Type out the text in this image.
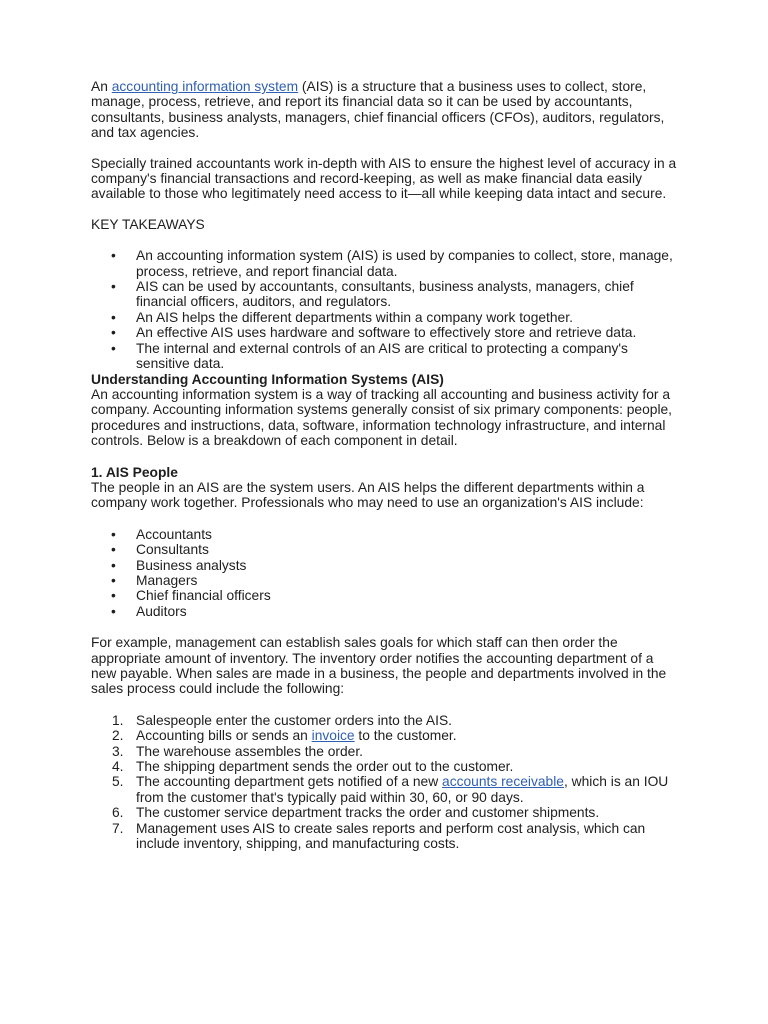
An accounting information system (AIS) is a structure that a business uses to collect, store, manage, process, retrieve, and report its financial data so it can be used by accountants, consultants, business analysts, managers, chief financial officers (CFOs), auditors, regulators, and tax agencies.

Specially trained accountants work in-depth with AIS to ensure the highest level of accuracy in a company's financial transactions and record-keeping, as well as make financial data easily available to those who legitimately need access to it—all while keeping data intact and secure.

KEY TAKEAWAYS

• An accounting information system (AIS) is used by companies to collect, store, manage, process, retrieve, and report financial data.
• AIS can be used by accountants, consultants, business analysts, managers, chief financial officers, auditors, and regulators.
• An AIS helps the different departments within a company work together.
• An effective AIS uses hardware and software to effectively store and retrieve data.
• The internal and external controls of an AIS are critical to protecting a company's sensitive data.

Understanding Accounting Information Systems (AIS)

An accounting information system is a way of tracking all accounting and business activity for a company. Accounting information systems generally consist of six primary components: people, procedures and instructions, data, software, information technology infrastructure, and internal controls. Below is a breakdown of each component in detail.

1. AIS People

The people in an AIS are the system users. An AIS helps the different departments within a company work together. Professionals who may need to use an organization's AIS include:

• Accountants
• Consultants
• Business analysts
• Managers
• Chief financial officers
• Auditors

For example, management can establish sales goals for which staff can then order the appropriate amount of inventory. The inventory order notifies the accounting department of a new payable. When sales are made in a business, the people and departments involved in the sales process could include the following:

1. Salespeople enter the customer orders into the AIS.
2. Accounting bills or sends an invoice to the customer.
3. The warehouse assembles the order.
4. The shipping department sends the order out to the customer.
5. The accounting department gets notified of a new accounts receivable, which is an IOU from the customer that's typically paid within 30, 60, or 90 days.
6. The customer service department tracks the order and customer shipments.
7. Management uses AIS to create sales reports and perform cost analysis, which can include inventory, shipping, and manufacturing costs.
